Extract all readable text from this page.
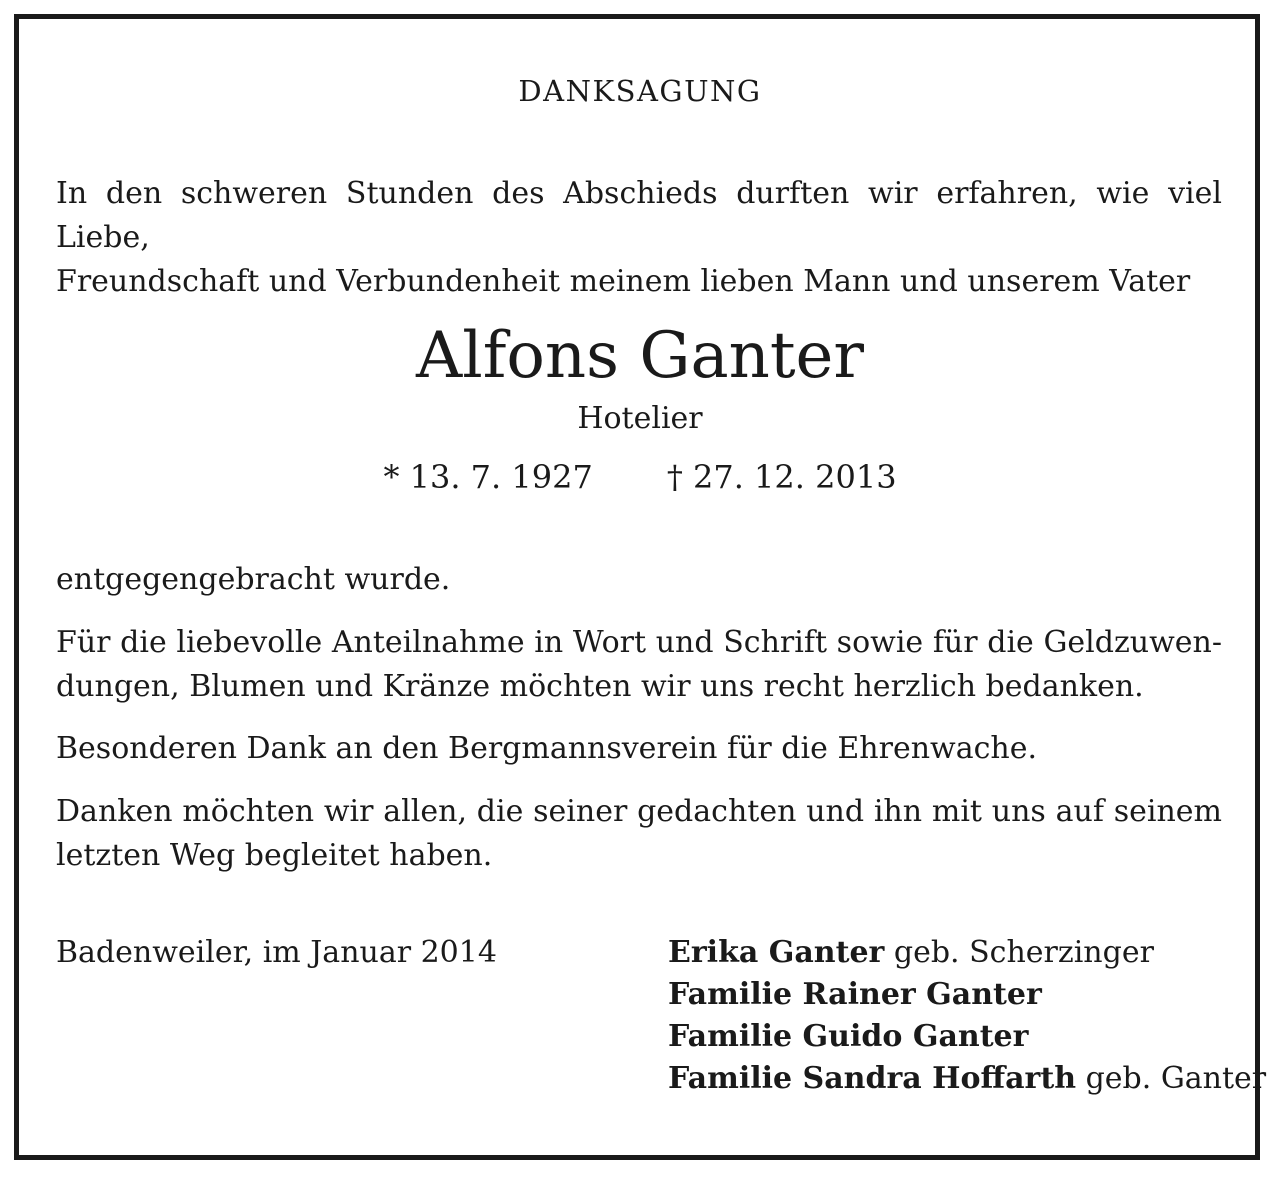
DANKSAGUNG
In den schweren Stunden des Abschieds durften wir erfahren, wie viel Liebe,
Freundschaft und Verbundenheit meinem lieben Mann und unserem Vater
Alfons Ganter
Hotelier
* 13. 7. 1927 † 27. 12. 2013
entgegengebracht wurde.
Für die liebevolle Anteilnahme in Wort und Schrift sowie für die Geldzuwen-
dungen, Blumen und Kränze möchten wir uns recht herzlich bedanken.
Besonderen Dank an den Bergmannsverein für die Ehrenwache.
Danken möchten wir allen, die seiner gedachten und ihn mit uns auf seinem
letzten Weg begleitet haben.
Badenweiler, im Januar 2014	Erika Ganter geb. Scherzinger
Familie Rainer Ganter
Familie Guido Ganter
Familie Sandra Hoffarth geb. Ganter
